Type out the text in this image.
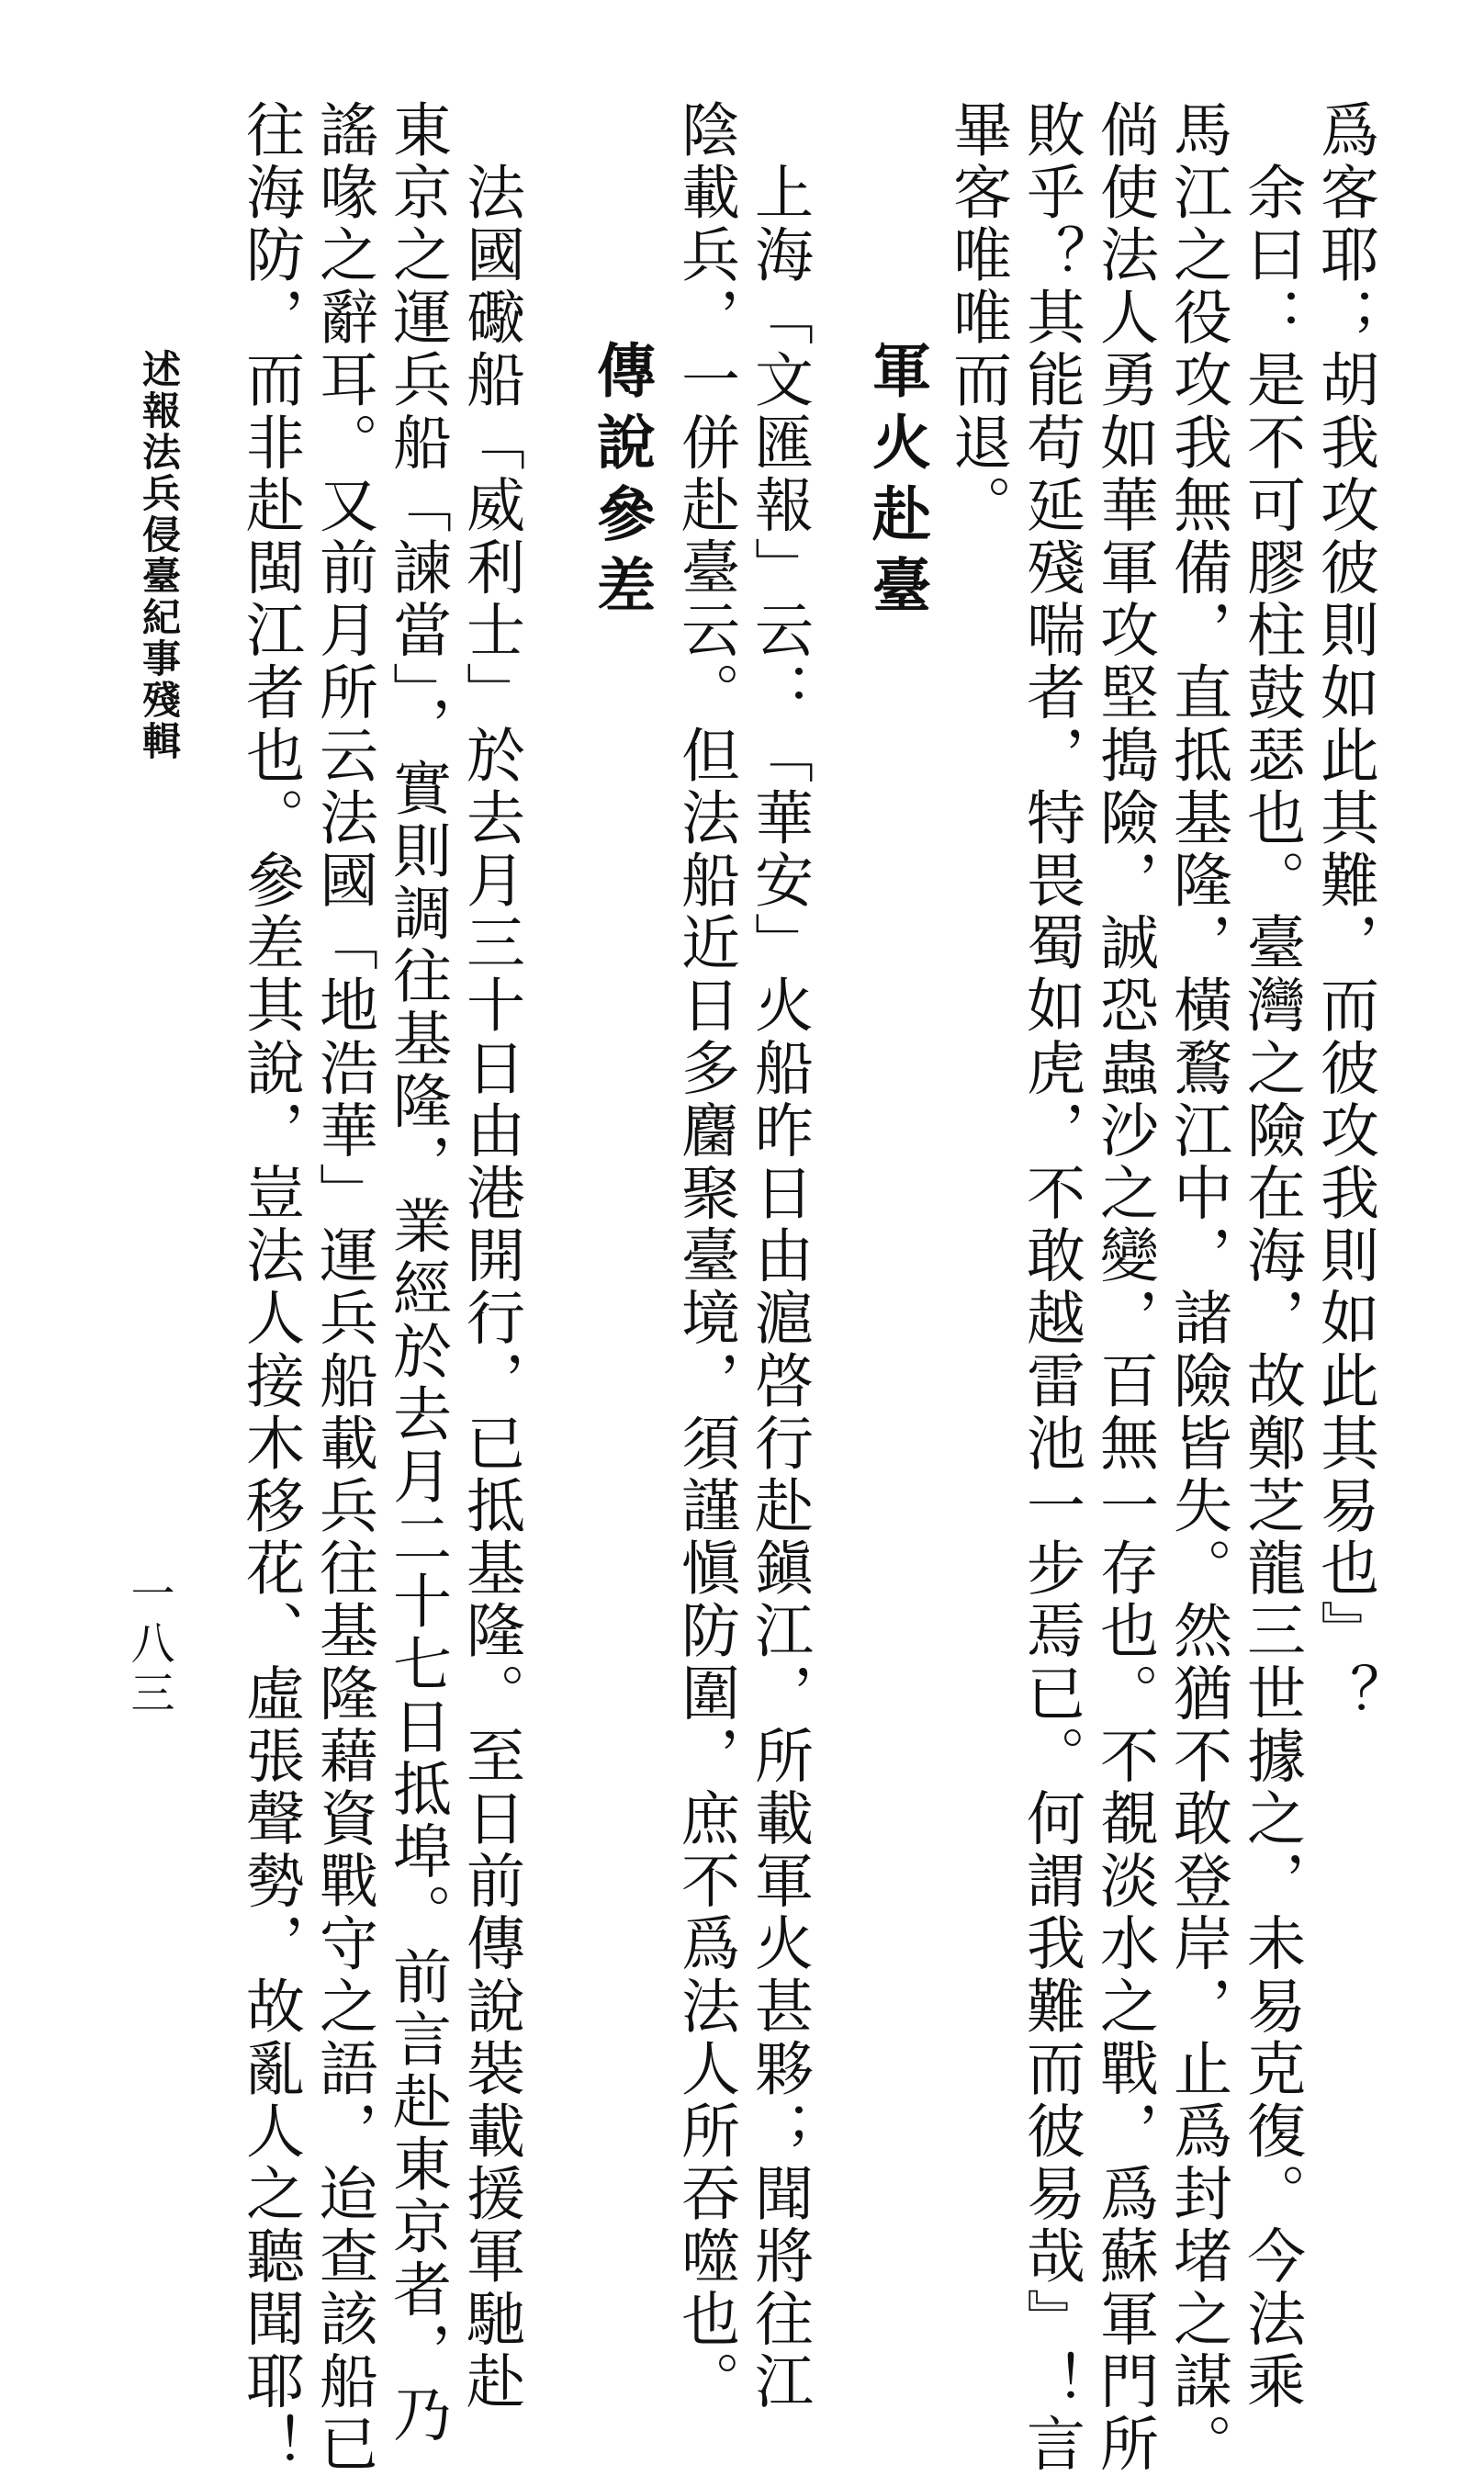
爲客耶；胡我攻彼則如此其難，而彼攻我則如此其易也』？
　余曰：是不可膠柱鼓瑟也。臺灣之險在海，故鄭芝龍三世據之，未易克復。今法乘
馬江之役攻我無備，直抵基隆，橫鶩江中，諸險皆失。然猶不敢登岸，止爲封堵之謀。
倘使法人勇如華軍攻堅搗險，誠恐蟲沙之變，百無一存也。不覩淡水之戰，爲蘇軍門所
敗乎？其能苟延殘喘者，特畏蜀如虎，不敢越雷池一步焉已。何謂我難而彼易哉』！言
畢客唯唯而退。
軍火赴臺
　上海「文匯報」云：「華安」火船昨日由滬啓行赴鎭江，所載軍火甚夥；聞將往江
陰載兵，一併赴臺云。但法船近日多麕聚臺境，須謹愼防圍，庶不爲法人所吞噬也。
傳說參差
　法國礮船「威利士」於去月三十日由港開行，已抵基隆。至日前傳說裝載援軍馳赴
東京之運兵船「諫當」，實則調往基隆，業經於去月二十七日抵埠。前言赴東京者，乃
謠喙之辭耳。又前月所云法國「地浩華」運兵船載兵往基隆藉資戰守之語，迨查該船已
往海防，而非赴閩江者也。參差其說，豈法人接木移花、虛張聲勢，故亂人之聽聞耶！
述報法兵侵臺紀事殘輯
一八三
